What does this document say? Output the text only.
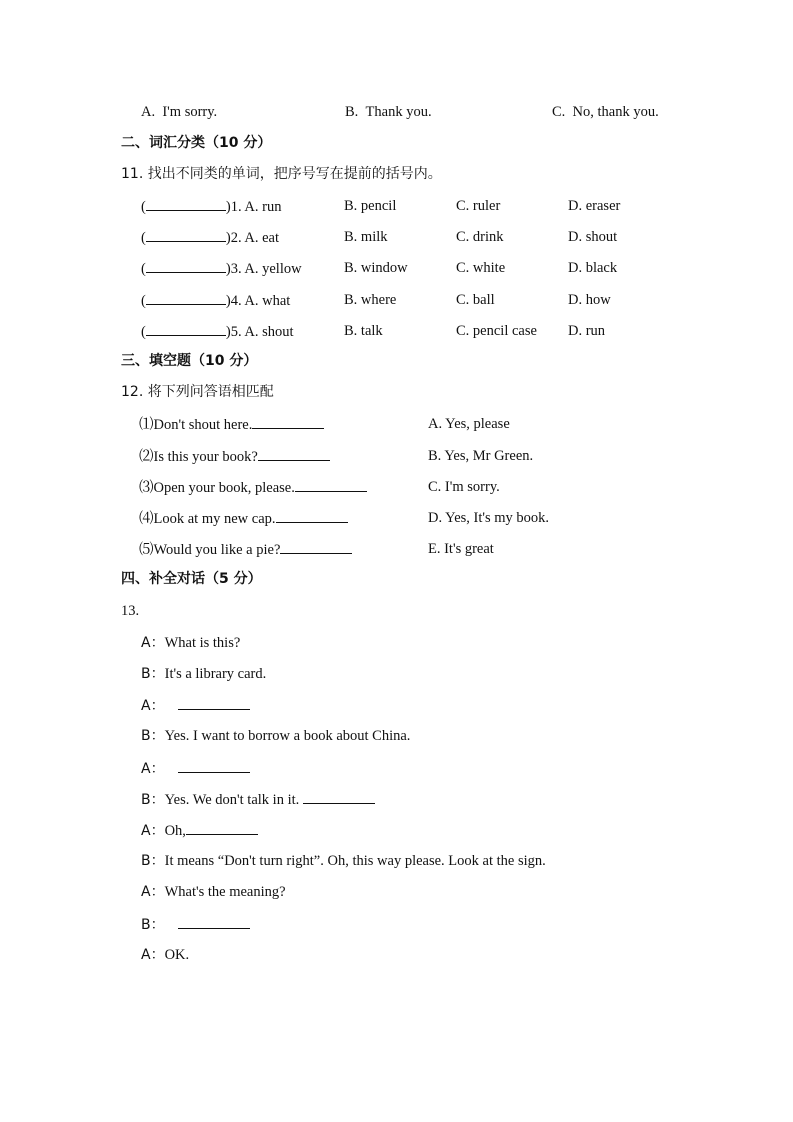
A.  I'm sorry.	B.  Thank you.	C.  No, thank you.
二、词汇分类（10 分）
11. 找出不同类的单词，把序号写在提前的括号内。
(	)1. A. run	B. pencil	C. ruler	D. eraser
(	)2. A. eat	B. milk	C. drink	D. shout
(	)3. A. yellow	B. window	C. white	D. black
(	)4. A. what	B. where	C. ball	D. how
(	)5. A. shout	B. talk	C. pencil case D. run
三、填空题（10 分）
12. 将下列问答语相匹配
⑴Don't shout here.	A. Yes, please
⑵Is this your book?	B. Yes, Mr Green.
⑶Open your book, please.	C. I'm sorry.
⑷Look at my new cap.	D. Yes, It's my book.
⑸Would you like a pie?	E. It's great
四、补全对话（5 分）
13.
A：What is this?
B：It's a library card.
A：
B：Yes. I want to borrow a book about China.
A：
B：Yes. We don't talk in it.
A：Oh,
B：It means “Don't turn right”. Oh, this way please. Look at the sign.
A：What's the meaning?
B：
A：OK.
